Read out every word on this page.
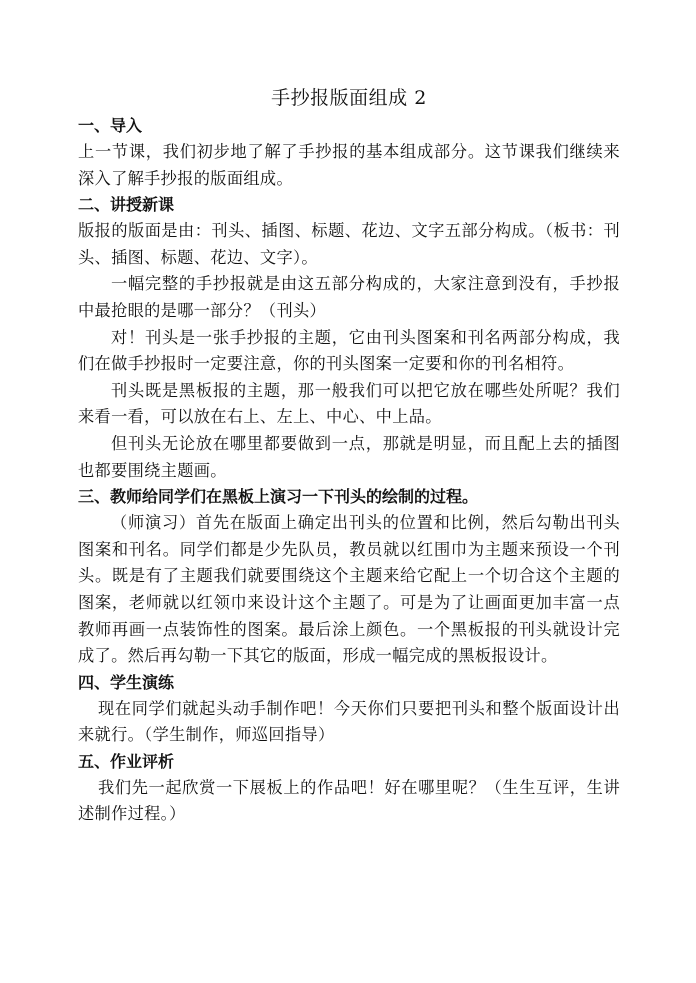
手抄报版面组成 2
一、导入

上一节课，我们初步地了解了手抄报的基本组成部分。这节课我们继续来深入了解手抄报的版面组成。

二、讲授新课

版报的版面是由：刊头、插图、标题、花边、文字五部分构成。（板书：刊头、插图、标题、花边、文字）。

一幅完整的手抄报就是由这五部分构成的，大家注意到没有，手抄报中最抢眼的是哪一部分？（刊头）

对！刊头是一张手抄报的主题，它由刊头图案和刊名两部分构成，我们在做手抄报时一定要注意，你的刊头图案一定要和你的刊名相符。

刊头既是黑板报的主题，那一般我们可以把它放在哪些处所呢？我们来看一看，可以放在右上、左上、中心、中上品。

但刊头无论放在哪里都要做到一点，那就是明显，而且配上去的插图也都要围绕主题画。

三、教师给同学们在黑板上演习一下刊头的绘制的过程。

（师演习）首先在版面上确定出刊头的位置和比例，然后勾勒出刊头图案和刊名。同学们都是少先队员，教员就以红围巾为主题来预设一个刊头。既是有了主题我们就要围绕这个主题来给它配上一个切合这个主题的图案，老师就以红领巾来设计这个主题了。可是为了让画面更加丰富一点教师再画一点装饰性的图案。最后涂上颜色。一个黑板报的刊头就设计完成了。然后再勾勒一下其它的版面，形成一幅完成的黑板报设计。

四、学生演练

现在同学们就起头动手制作吧！今天你们只要把刊头和整个版面设计出来就行。（学生制作，师巡回指导）

五、作业评析

我们先一起欣赏一下展板上的作品吧！好在哪里呢？（生生互评，生讲述制作过程。）
